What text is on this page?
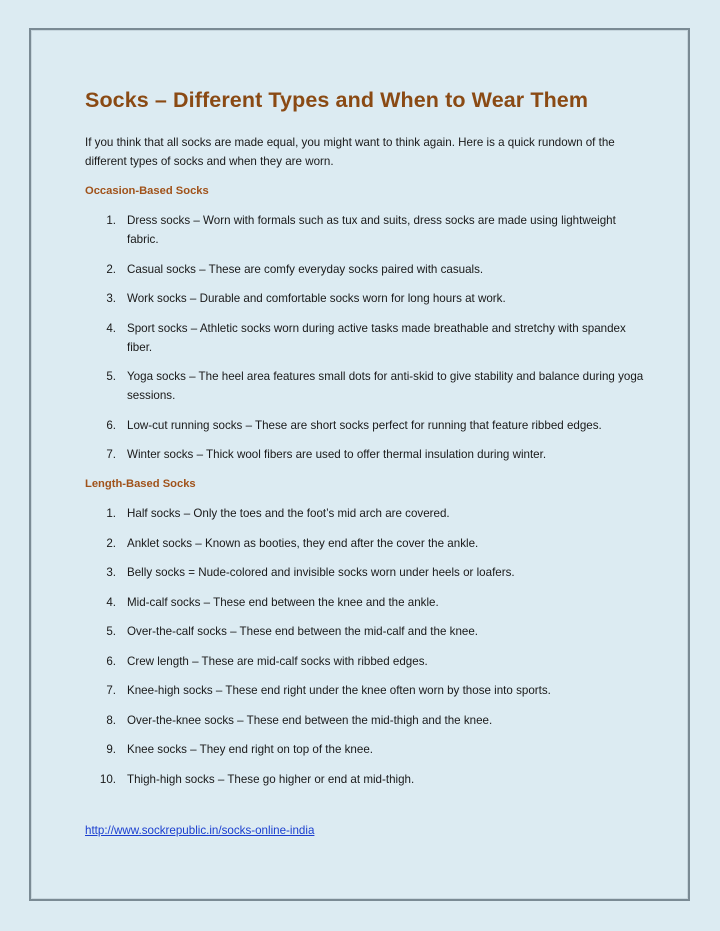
Socks – Different Types and When to Wear Them

If you think that all socks are made equal, you might want to think again. Here is a quick rundown of the different types of socks and when they are worn.

Occasion-Based Socks
1. Dress socks – Worn with formals such as tux and suits, dress socks are made using lightweight fabric.
2. Casual socks – These are comfy everyday socks paired with casuals.
3. Work socks – Durable and comfortable socks worn for long hours at work.
4. Sport socks – Athletic socks worn during active tasks made breathable and stretchy with spandex fiber.
5. Yoga socks – The heel area features small dots for anti-skid to give stability and balance during yoga sessions.
6. Low-cut running socks – These are short socks perfect for running that feature ribbed edges.
7. Winter socks – Thick wool fibers are used to offer thermal insulation during winter.
Length-Based Socks
1. Half socks – Only the toes and the foot’s mid arch are covered.
2. Anklet socks – Known as booties, they end after the cover the ankle.
3. Belly socks = Nude-colored and invisible socks worn under heels or loafers.
4. Mid-calf socks – These end between the knee and the ankle.
5. Over-the-calf socks – These end between the mid-calf and the knee.
6. Crew length – These are mid-calf socks with ribbed edges.
7. Knee-high socks – These end right under the knee often worn by those into sports.
8. Over-the-knee socks – These end between the mid-thigh and the knee.
9. Knee socks – They end right on top of the knee.
10. Thigh-high socks – These go higher or end at mid-thigh.
http://www.sockrepublic.in/socks-online-india
